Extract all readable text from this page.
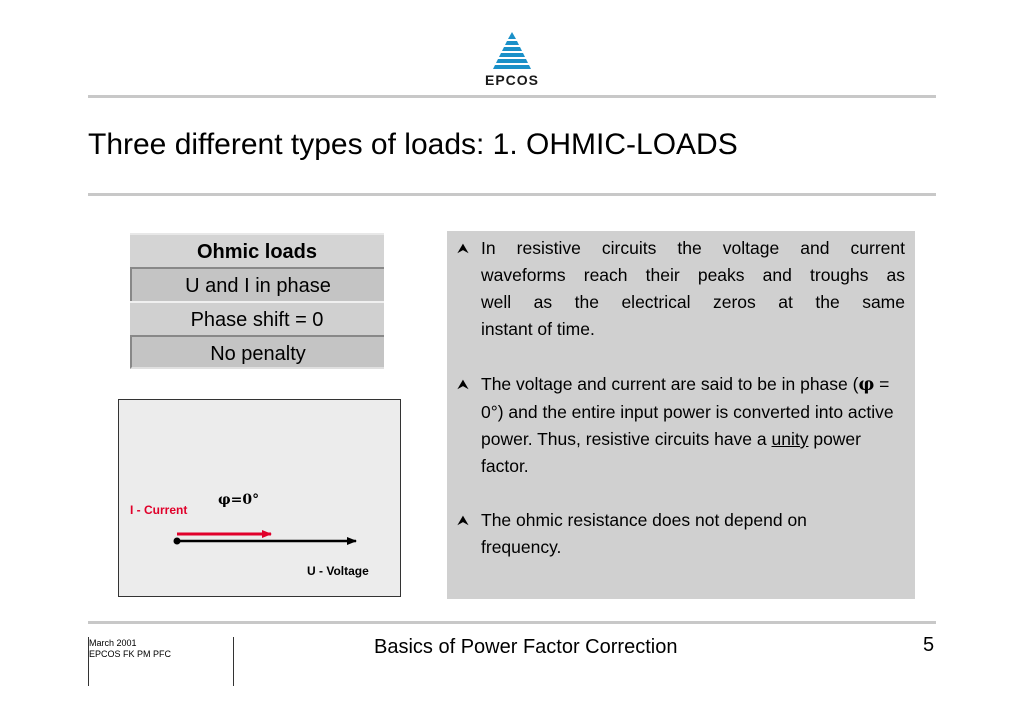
EPCOS
Three different types of loads: 1. OHMIC-LOADS
Ohmic loads
U and I in phase
Phase shift = 0
No penalty
φ=0°
I - Current
U - Voltage
⮝ In resistive circuits the voltage and current
waveforms reach their peaks and troughs as
well as the electrical zeros at the same
instant of time.
⮝ The voltage and current are said to be in phase (φ = 0°) and the entire input power is converted into active power. Thus, resistive circuits have a unity power factor.
⮝ The ohmic resistance does not depend on frequency.
March 2001
EPCOS FK PM PFC	Basics of Power Factor Correction	5
